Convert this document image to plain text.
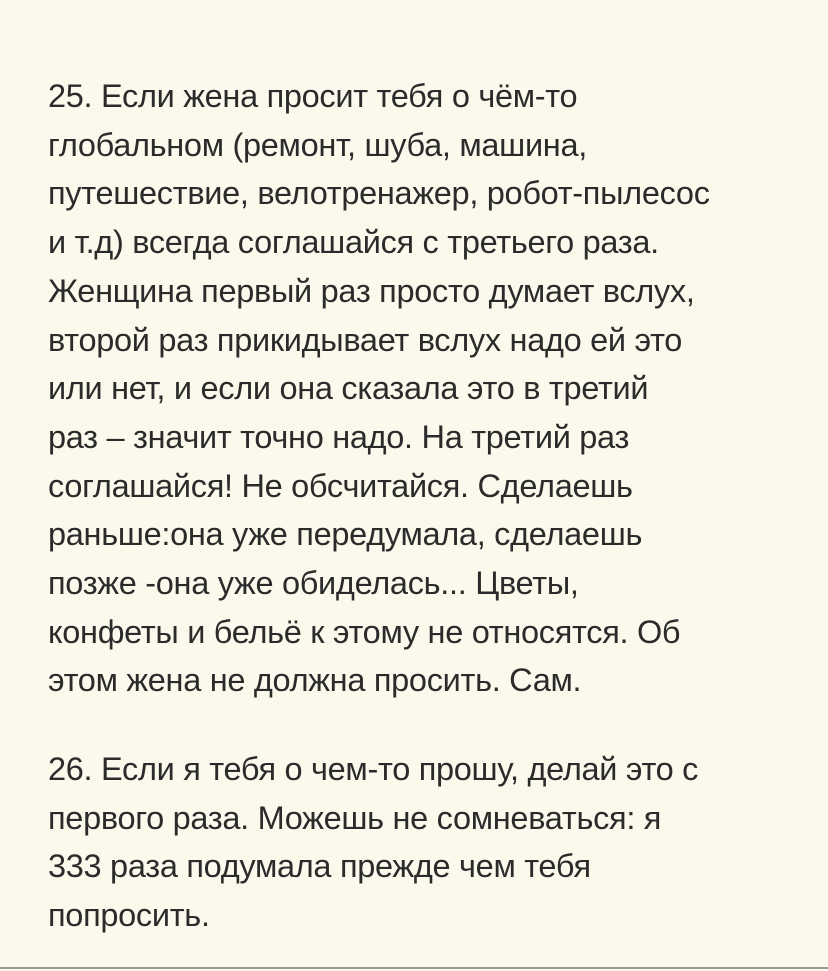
25. Если жена просит тебя о чём-то
глобальном (ремонт, шуба, машина,
путешествие, велотренажер, робот-пылесос
и т.д) всегда соглашайся с третьего раза.
Женщина первый раз просто думает вслух,
второй раз прикидывает вслух надо ей это
или нет, и если она сказала это в третий
раз – значит точно надо. На третий раз
соглашайся! Не обсчитайся. Сделаешь
раньше:она уже передумала, сделаешь
позже -она уже обиделась... Цветы,
конфеты и бельё к этому не относятся. Об
этом жена не должна просить. Сам.

26. Если я тебя о чем-то прошу, делай это с
первого раза. Можешь не сомневаться: я
333 раза подумала прежде чем тебя
попросить.
